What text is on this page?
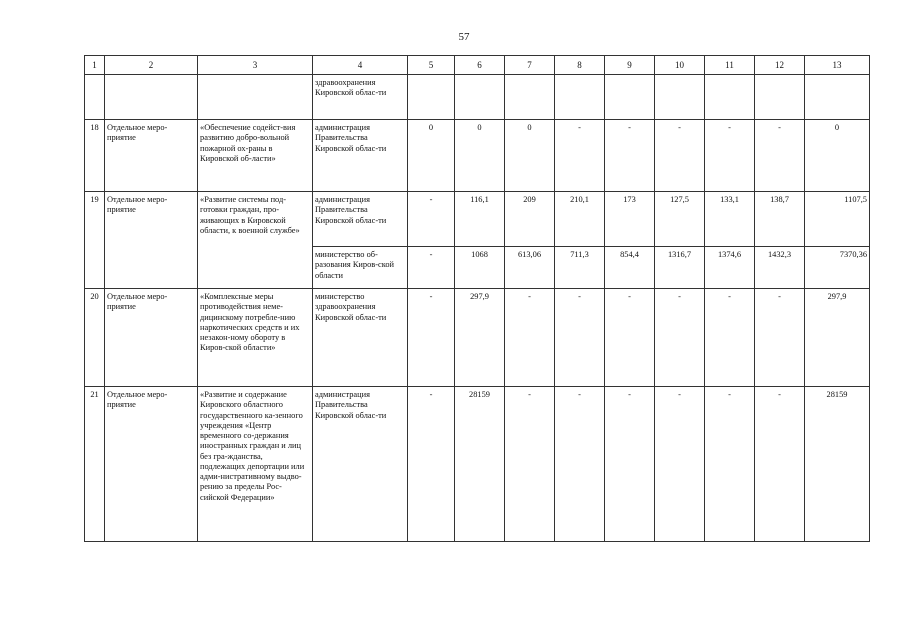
57
1	2	3	4	5	6	7	8	9	10	11	12	13
			здравоохранения Кировской облас-ти									
18	Отдельное меро-приятие	«Обеспечение содейст-вия развитию добро-вольной пожарной ох-раны в Кировской об-ласти»	администрация Правительства Кировской облас-ти	0	0	0	-	-	-	-	-	0
19	Отдельное меро-приятие	«Развитие системы под-готовки граждан, про-живающих в Кировской области, к военной службе»	администрация Правительства Кировской облас-ти	-	116,1	209	210,1	173	127,5	133,1	138,7	1107,5
			министерство об-разования Киров-ской области	-	1068	613,06	711,3	854,4	1316,7	1374,6	1432,3	7370,36
20	Отдельное меро-приятие	«Комплексные меры противодействия неме-дицинскому потребле-нию наркотических средств и их незакон-ному обороту в Киров-ской области»	министерство здравоохранения Кировской облас-ти	-	297,9	-	-	-	-	-	-	297,9
21	Отдельное меро-приятие	«Развитие и содержание Кировского областного государственного ка-зенного учреждения «Центр временного со-держания иностранных граждан и лиц без гра-жданства, подлежащих депортации или адми-нистративному выдво-рению за пределы Рос-сийской Федерации»	администрация Правительства Кировской облас-ти	-	28159	-	-	-	-	-	-	28159
